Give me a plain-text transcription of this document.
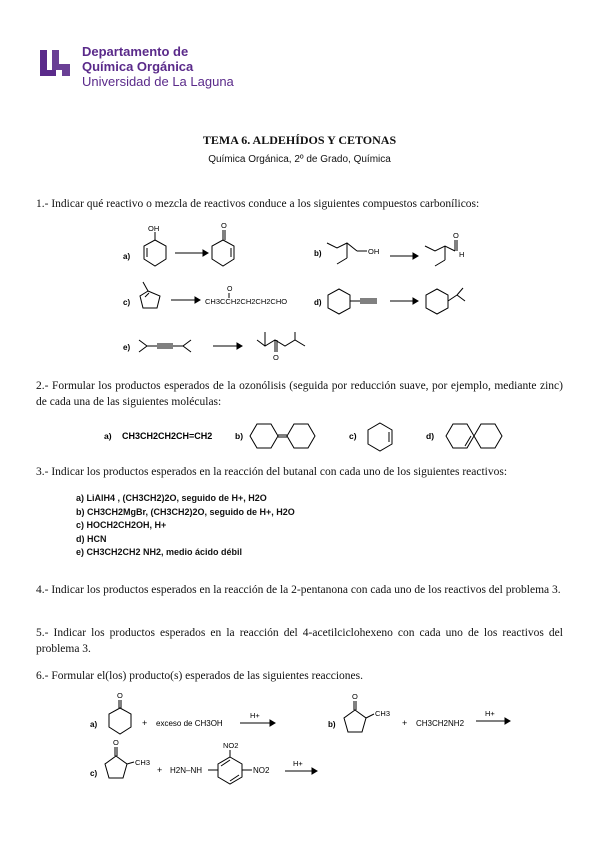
Departamento de
Química Orgánica
Universidad de La Laguna
TEMA 6. ALDEHÍDOS Y CETONAS
Química Orgánica, 2º de Grado, Química
1.- Indicar qué reactivo o mezcla de reactivos conduce a los siguientes compuestos carbonílicos:
a)
OH	O
b)	OH
O
H
c)
O
CH3CCH2CH2CH2CHO	d)
e)
O
2.- Formular los productos esperados de la ozonólisis (seguida por reducción suave, por ejemplo, mediante zinc) de cada una de las siguientes moléculas:
a) CH3CH2CH2CH=CH2	b)	c)	d)
3.- Indicar los productos esperados en la reacción del butanal con cada uno de los siguientes reactivos:
a) LiAlH4 , (CH3CH2)2O, seguido de H+, H2O
b) CH3CH2MgBr, (CH3CH2)2O, seguido de H+, H2O
c) HOCH2CH2OH, H+
d) HCN
e) CH3CH2CH2 NH2, medio ácido débil
4.- Indicar los productos esperados en la reacción de la 2-pentanona con cada uno de los reactivos del problema 3.
5.- Indicar los productos esperados en la reacción del 4-acetilciclohexeno con cada uno de los reactivos del problema 3.
6.- Formular el(los) producto(s) esperados de las siguientes reacciones.
a)
O
+ exceso de CH3OH
H+
b)
O
CH3
+ CH3CH2NH2
H+
c)
O
CH3
+ H2N–NH
NO2
NO2
H+
